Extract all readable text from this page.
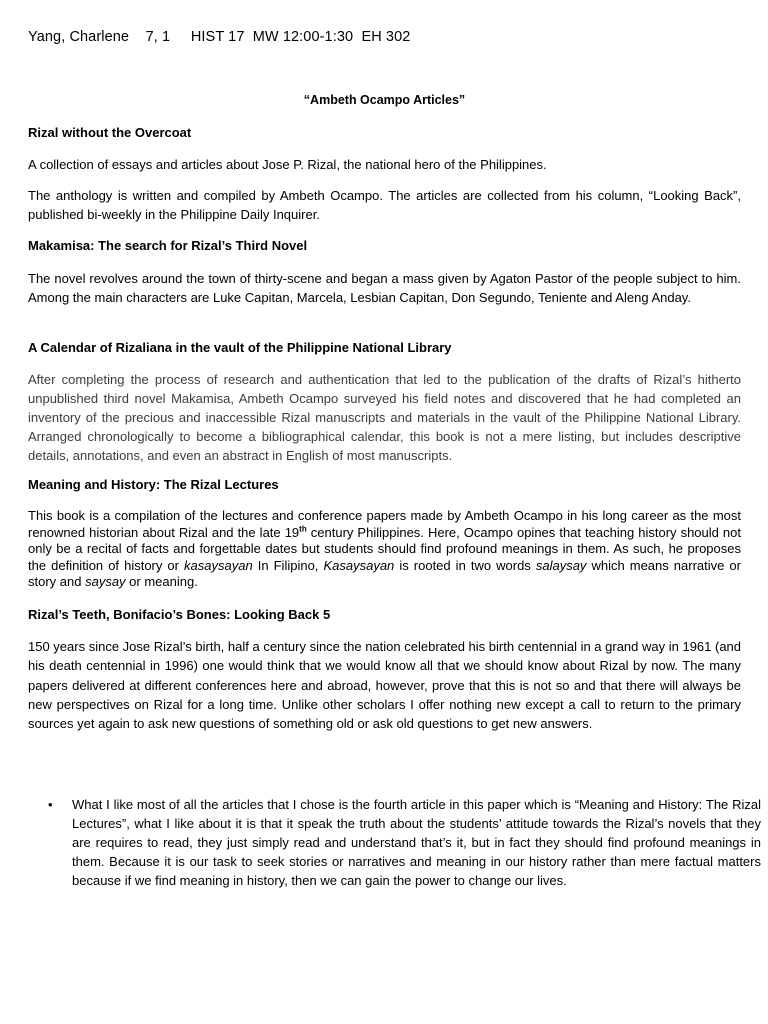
Yang, Charlene 7, 1 HIST 17 MW 12:00-1:30 EH 302
“Ambeth Ocampo Articles”
Rizal without the Overcoat
A collection of essays and articles about Jose P. Rizal, the national hero of the Philippines.
The anthology is written and compiled by Ambeth Ocampo. The articles are collected from his column, “Looking Back”, published bi-weekly in the Philippine Daily Inquirer.
Makamisa: The search for Rizal’s Third Novel
The novel revolves around the town of thirty-scene and began a mass given by Agaton Pastor of the people subject to him. Among the main characters are Luke Capitan, Marcela, Lesbian Capitan, Don Segundo, Teniente and Aleng Anday.
A Calendar of Rizaliana in the vault of the Philippine National Library
After completing the process of research and authentication that led to the publication of the drafts of Rizal’s hitherto unpublished third novel Makamisa, Ambeth Ocampo surveyed his field notes and discovered that he had completed an inventory of the precious and inaccessible Rizal manuscripts and materials in the vault of the Philippine National Library. Arranged chronologically to become a bibliographical calendar, this book is not a mere listing, but includes descriptive details, annotations, and even an abstract in English of most manuscripts.
Meaning and History: The Rizal Lectures
This book is a compilation of the lectures and conference papers made by Ambeth Ocampo in his long career as the most renowned historian about Rizal and the late 19th century Philippines. Here, Ocampo opines that teaching history should not only be a recital of facts and forgettable dates but students should find profound meanings in them. As such, he proposes the definition of history or kasaysayan In Filipino, Kasaysayan is rooted in two words salaysay which means narrative or story and saysay or meaning.
Rizal’s Teeth, Bonifacio’s Bones: Looking Back 5
150 years since Jose Rizal’s birth, half a century since the nation celebrated his birth centennial in a grand way in 1961 (and his death centennial in 1996) one would think that we would know all that we should know about Rizal by now. The many papers delivered at different conferences here and abroad, however, prove that this is not so and that there will always be new perspectives on Rizal for a long time. Unlike other scholars I offer nothing new except a call to return to the primary sources yet again to ask new questions of something old or ask old questions to get new answers.
• What I like most of all the articles that I chose is the fourth article in this paper which is “Meaning and History: The Rizal Lectures”, what I like about it is that it speak the truth about the students’ attitude towards the Rizal’s novels that they are requires to read, they just simply read and understand that’s it, but in fact they should find profound meanings in them. Because it is our task to seek stories or narratives and meaning in our history rather than mere factual matters because if we find meaning in history, then we can gain the power to change our lives.
